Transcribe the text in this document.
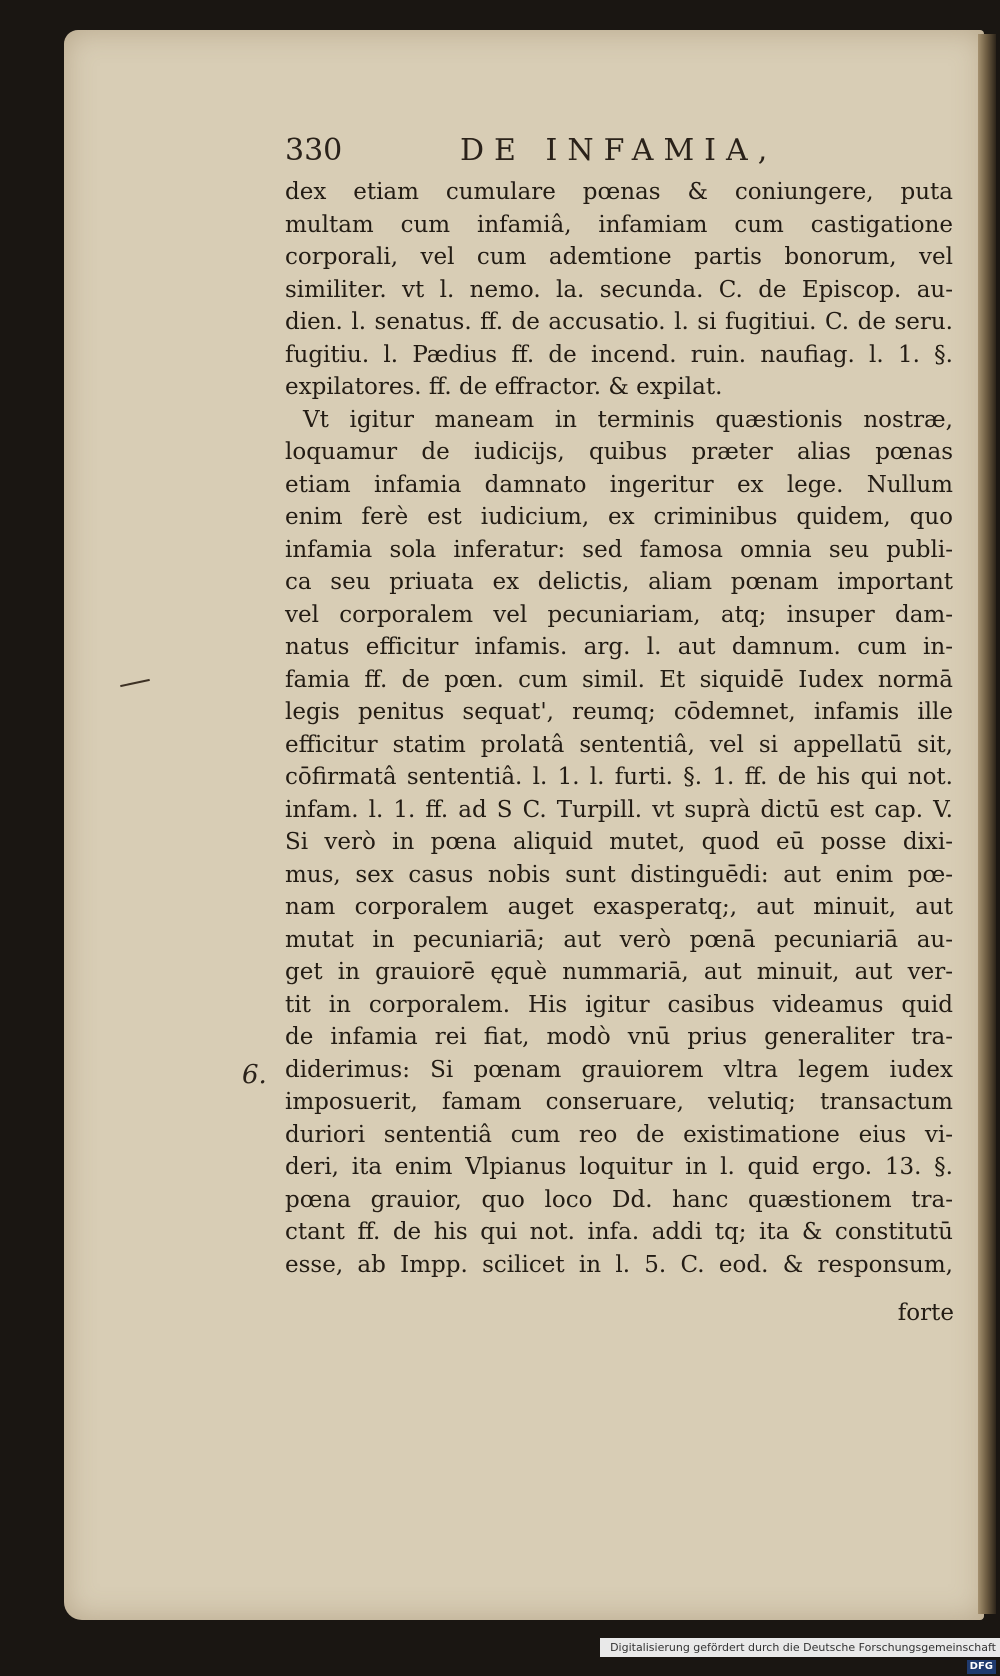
330	DE INFAMIA,
dex etiam cumulare pœnas & coniungere, puta
multam cum infamiâ, infamiam cum castigatione
corporali, vel cum ademtione partis bonorum, vel
similiter. vt l. nemo. la. secunda. C. de Episcop. au-
dien. l. senatus. ff. de accusatio. l. si fugitiui. C. de seru.
fugitiu. l. Pædius ff. de incend. ruin. naufiag. l. 1. §.
expilatores. ff. de effractor. & expilat.
Vt igitur maneam in terminis quæstionis nostræ,
loquamur de iudicijs, quibus præter alias pœnas
etiam infamia damnato ingeritur ex lege. Nullum
enim ferè est iudicium, ex criminibus quidem, quo
infamia sola inferatur: sed famosa omnia seu publi-
ca seu priuata ex delictis, aliam pœnam important
vel corporalem vel pecuniariam, atq; insuper dam-
natus efficitur infamis. arg. l. aut damnum. cum in-
famia ff. de pœn. cum simil. Et siquidē Iudex normā
legis penitus sequat', reumq; cōdemnet, infamis ille
efficitur statim prolatâ sententiâ, vel si appellatū sit,
cōfirmatâ sententiâ. l. 1. l. furti. §. 1. ff. de his qui not.
infam. l. 1. ff. ad S C. Turpill. vt suprà dictū est cap. V.
Si verò in pœna aliquid mutet, quod eū posse dixi-
mus, sex casus nobis sunt distinguēdi: aut enim pœ-
nam corporalem auget exasperatq;, aut minuit, aut
mutat in pecuniariā; aut verò pœnā pecuniariā au-
get in grauiorē ęquè nummariā, aut minuit, aut ver-
tit in corporalem. His igitur casibus videamus quid
de infamia rei fiat, modò vnū prius generaliter tra-
diderimus: Si pœnam grauiorem vltra legem iudex
imposuerit, famam conseruare, velutiq; transactum
duriori sententiâ cum reo de existimatione eius vi-
deri, ita enim Vlpianus loquitur in l. quid ergo. 13. §.
pœna grauior, quo loco Dd. hanc quæstionem tra-
ctant ff. de his qui not. infa. addi tq; ita & constitutū
esse, ab Impp. scilicet in l. 5. C. eod. & responsum,
6.
forte
Digitalisierung gefördert durch die Deutsche Forschungsgemeinschaft DFG
